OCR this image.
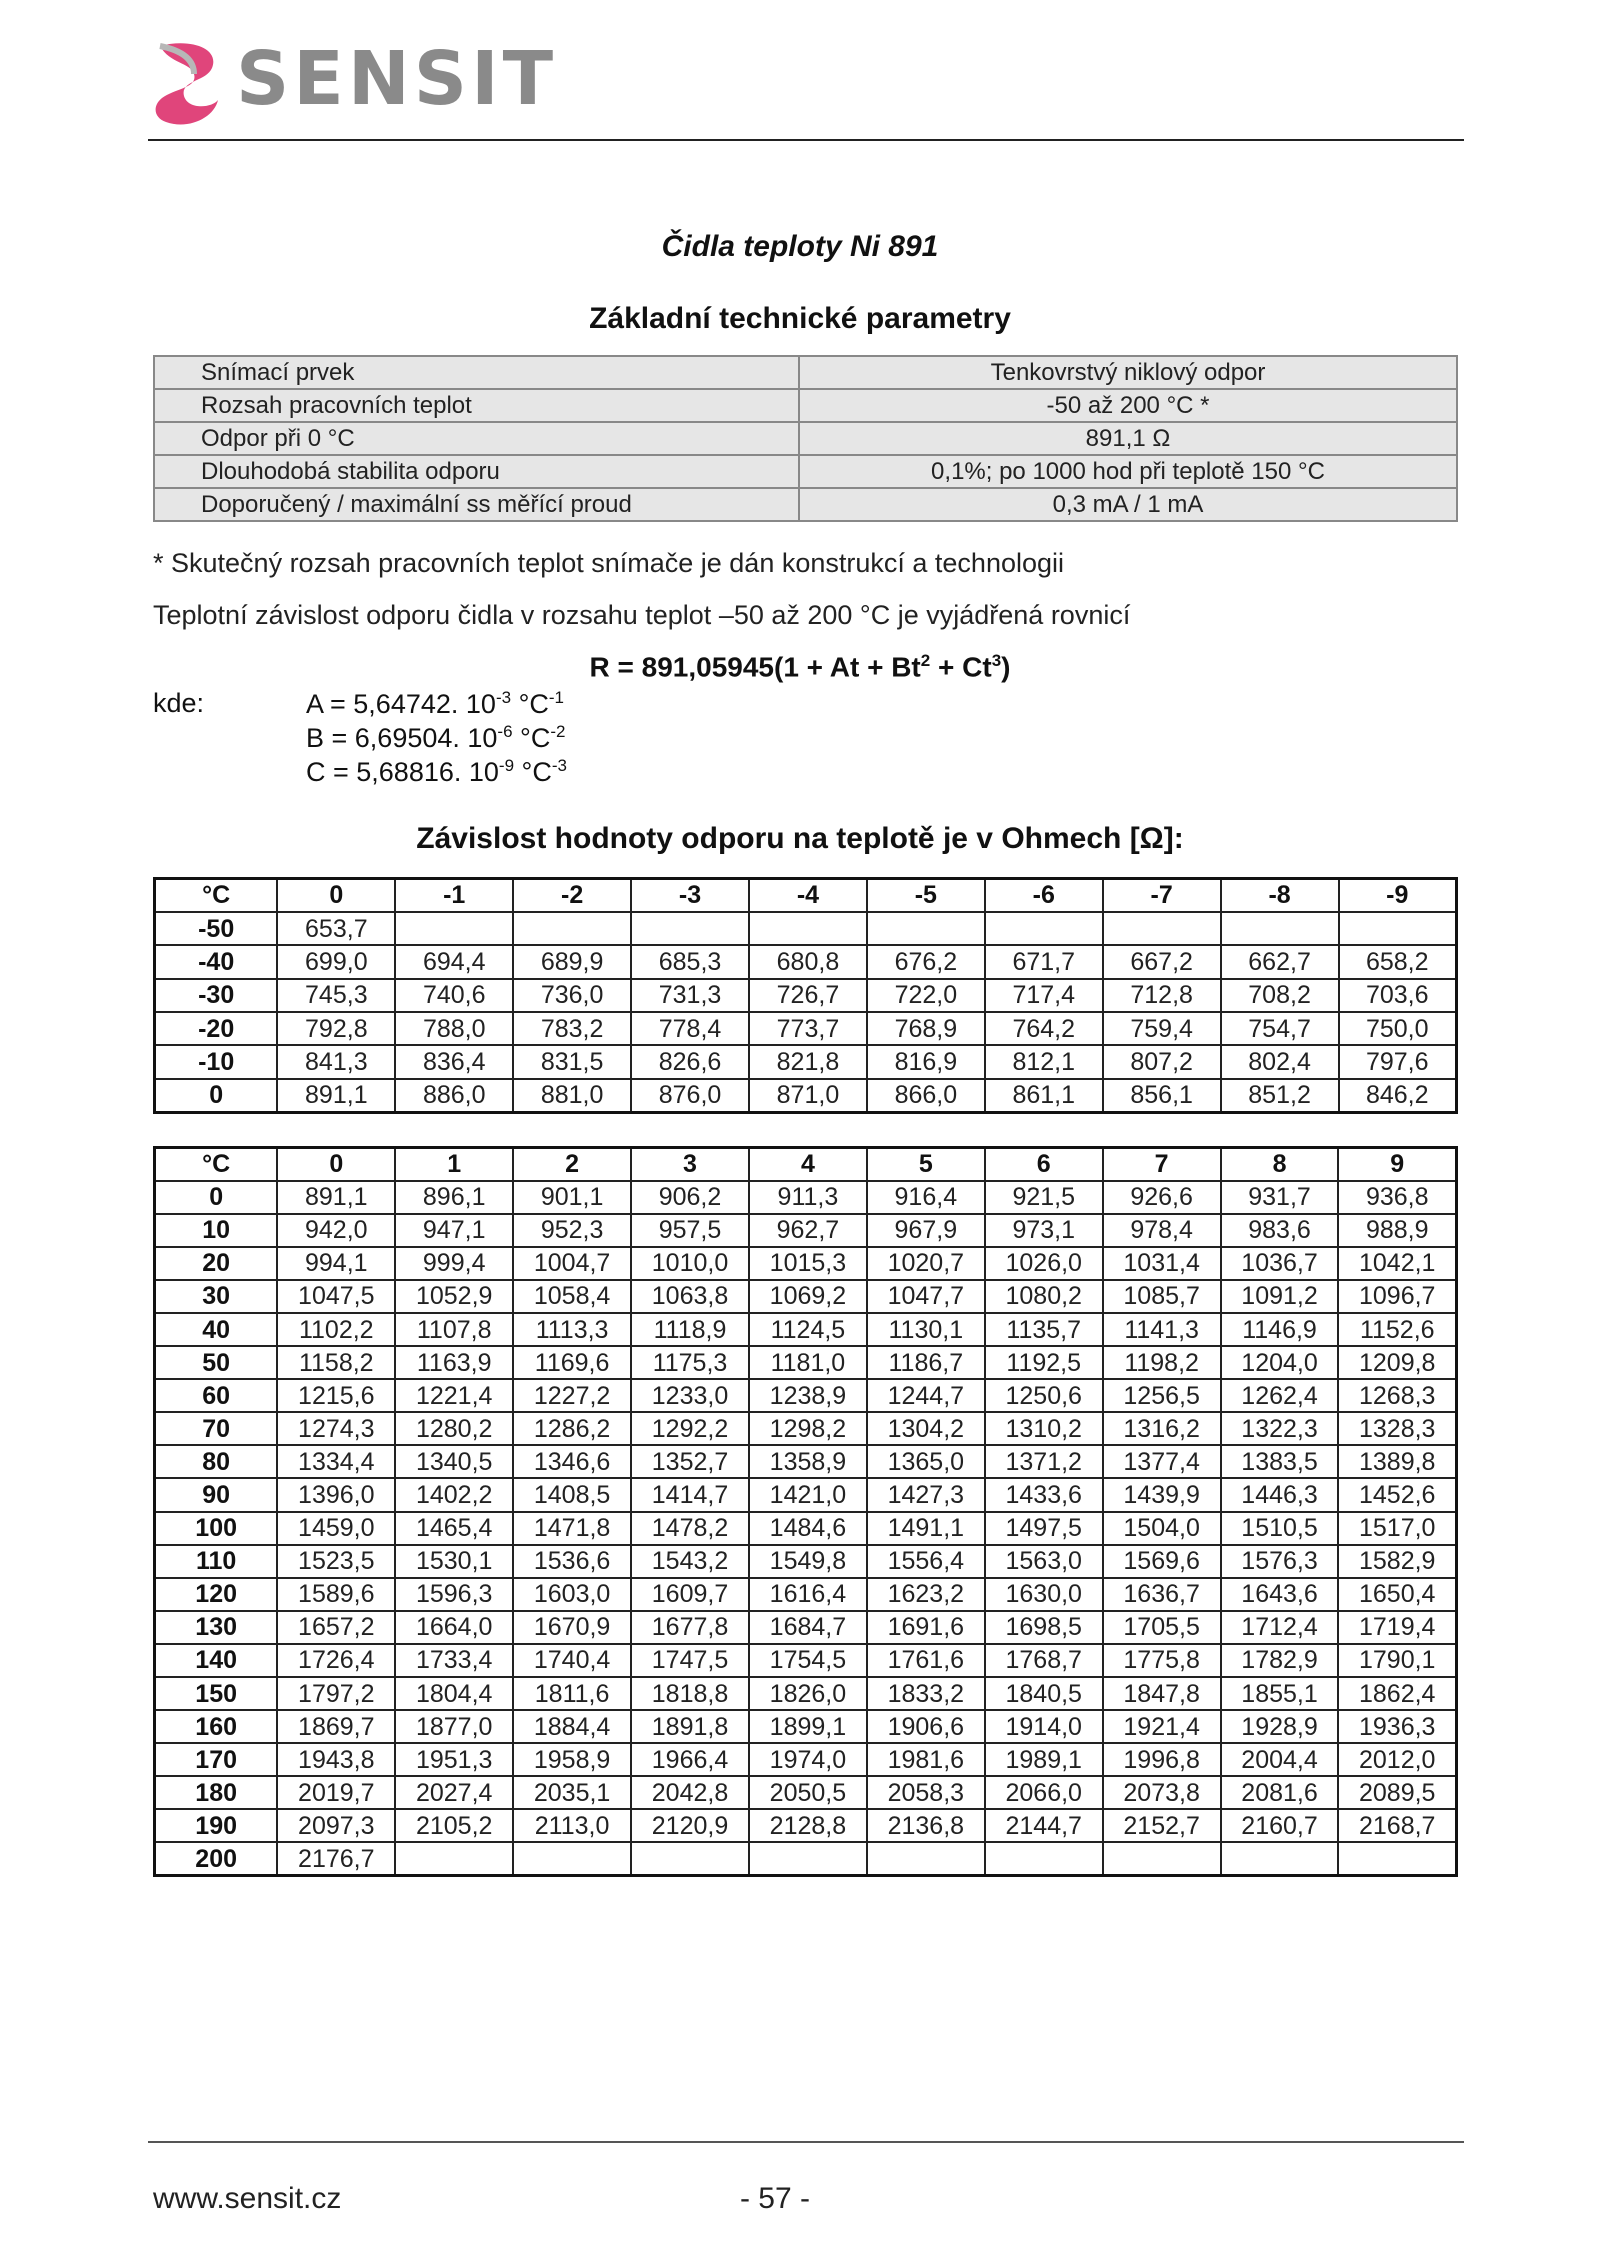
SENSIT
Čidla teploty Ni 891
Základní technické parametry
Snímací prvek	Tenkovrstvý niklový odpor
Rozsah pracovních teplot	-50 až 200 °C *
Odpor při 0 °C	891,1 Ω
Dlouhodobá stabilita odporu	0,1%; po 1000 hod při teplotě 150 °C
Doporučený / maximální ss měřící proud	0,3 mA / 1 mA
* Skutečný rozsah pracovních teplot snímače je dán konstrukcí a technologii
Teplotní závislost odporu čidla v rozsahu teplot –50 až 200 °C je vyjádřená rovnicí
$R = 891,05945(1 + At + Bt^2 + Ct^3)$
kde:	A = 5,64742. $10^{-3}$ $^\circ C^{-1}$
B = 6,69504. $10^{-6}$ $^\circ C^{-2}$
C = 5,68816. $10^{-9}$ $^\circ C^{-3}$
Závislost hodnoty odporu na teplotě je v Ohmech [Ω]:
°C	0	-1	-2	-3	-4	-5	-6	-7	-8	-9
-50	653,7									
-40	699,0	694,4	689,9	685,3	680,8	676,2	671,7	667,2	662,7	658,2
-30	745,3	740,6	736,0	731,3	726,7	722,0	717,4	712,8	708,2	703,6
-20	792,8	788,0	783,2	778,4	773,7	768,9	764,2	759,4	754,7	750,0
-10	841,3	836,4	831,5	826,6	821,8	816,9	812,1	807,2	802,4	797,6
0	891,1	886,0	881,0	876,0	871,0	866,0	861,1	856,1	851,2	846,2
°C	0	1	2	3	4	5	6	7	8	9
0	891,1	896,1	901,1	906,2	911,3	916,4	921,5	926,6	931,7	936,8
10	942,0	947,1	952,3	957,5	962,7	967,9	973,1	978,4	983,6	988,9
20	994,1	999,4	1004,7	1010,0	1015,3	1020,7	1026,0	1031,4	1036,7	1042,1
30	1047,5	1052,9	1058,4	1063,8	1069,2	1047,7	1080,2	1085,7	1091,2	1096,7
40	1102,2	1107,8	1113,3	1118,9	1124,5	1130,1	1135,7	1141,3	1146,9	1152,6
50	1158,2	1163,9	1169,6	1175,3	1181,0	1186,7	1192,5	1198,2	1204,0	1209,8
60	1215,6	1221,4	1227,2	1233,0	1238,9	1244,7	1250,6	1256,5	1262,4	1268,3
70	1274,3	1280,2	1286,2	1292,2	1298,2	1304,2	1310,2	1316,2	1322,3	1328,3
80	1334,4	1340,5	1346,6	1352,7	1358,9	1365,0	1371,2	1377,4	1383,5	1389,8
90	1396,0	1402,2	1408,5	1414,7	1421,0	1427,3	1433,6	1439,9	1446,3	1452,6
100	1459,0	1465,4	1471,8	1478,2	1484,6	1491,1	1497,5	1504,0	1510,5	1517,0
110	1523,5	1530,1	1536,6	1543,2	1549,8	1556,4	1563,0	1569,6	1576,3	1582,9
120	1589,6	1596,3	1603,0	1609,7	1616,4	1623,2	1630,0	1636,7	1643,6	1650,4
130	1657,2	1664,0	1670,9	1677,8	1684,7	1691,6	1698,5	1705,5	1712,4	1719,4
140	1726,4	1733,4	1740,4	1747,5	1754,5	1761,6	1768,7	1775,8	1782,9	1790,1
150	1797,2	1804,4	1811,6	1818,8	1826,0	1833,2	1840,5	1847,8	1855,1	1862,4
160	1869,7	1877,0	1884,4	1891,8	1899,1	1906,6	1914,0	1921,4	1928,9	1936,3
170	1943,8	1951,3	1958,9	1966,4	1974,0	1981,6	1989,1	1996,8	2004,4	2012,0
180	2019,7	2027,4	2035,1	2042,8	2050,5	2058,3	2066,0	2073,8	2081,6	2089,5
190	2097,3	2105,2	2113,0	2120,9	2128,8	2136,8	2144,7	2152,7	2160,7	2168,7
200	2176,7									
www.sensit.cz	- 57 -
